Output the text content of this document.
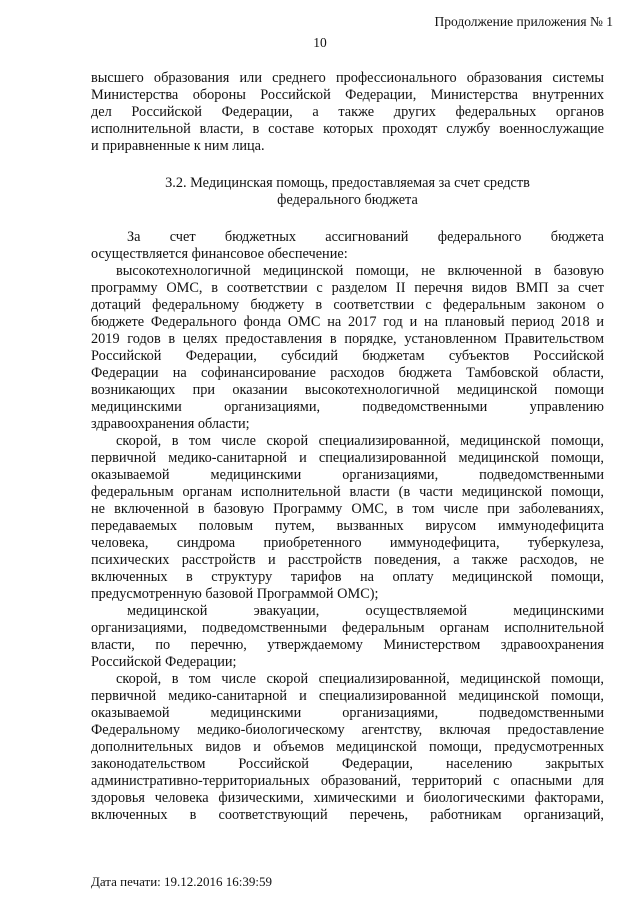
Продолжение приложения № 1
10

высшего образования или среднего профессионального образования системы

Министерства обороны Российской Федерации, Министерства внутренних

дел Российской Федерации, а также других федеральных органов

исполнительной власти, в составе которых проходят службу военнослужащие

и приравненные к ним лица.

3.2. Медицинская помощь, предоставляемая за счет средств

федерального бюджета

За счет бюджетных ассигнований федерального бюджета

осуществляется финансовое обеспечение:

высокотехнологичной медицинской помощи, не включенной в базовую

программу ОМС, в соответствии с разделом II перечня видов ВМП за счет

дотаций федеральному бюджету в соответствии с федеральным законом о

бюджете Федерального фонда ОМС на 2017 год и на плановый период 2018 и

2019 годов в целях предоставления в порядке, установленном Правительством

Российской Федерации, субсидий бюджетам субъектов Российской

Федерации на софинансирование расходов бюджета Тамбовской области,

возникающих при оказании высокотехнологичной медицинской помощи

медицинскими организациями, подведомственными управлению

здравоохранения области;

скорой, в том числе скорой специализированной, медицинской помощи,

первичной медико-санитарной и специализированной медицинской помощи,

оказываемой медицинскими организациями, подведомственными

федеральным органам исполнительной власти (в части медицинской помощи,

не включенной в базовую Программу ОМС, в том числе при заболеваниях,

передаваемых половым путем, вызванных вирусом иммунодефицита

человека, синдрома приобретенного иммунодефицита, туберкулеза,

психических расстройств и расстройств поведения, а также расходов, не

включенных в структуру тарифов на оплату медицинской помощи,

предусмотренную базовой Программой ОМС);

медицинской эвакуации, осуществляемой медицинскими

организациями, подведомственными федеральным органам исполнительной

власти, по перечню, утверждаемому Министерством здравоохранения

Российской Федерации;

скорой, в том числе скорой специализированной, медицинской помощи,

первичной медико-санитарной и специализированной медицинской помощи,

оказываемой медицинскими организациями, подведомственными

Федеральному медико-биологическому агентству, включая предоставление

дополнительных видов и объемов медицинской помощи, предусмотренных

законодательством Российской Федерации, населению закрытых

административно-территориальных образований, территорий с опасными для

здоровья человека физическими, химическими и биологическими факторами,

включенных в соответствующий перечень, работникам организаций,

Дата печати: 19.12.2016 16:39:59
